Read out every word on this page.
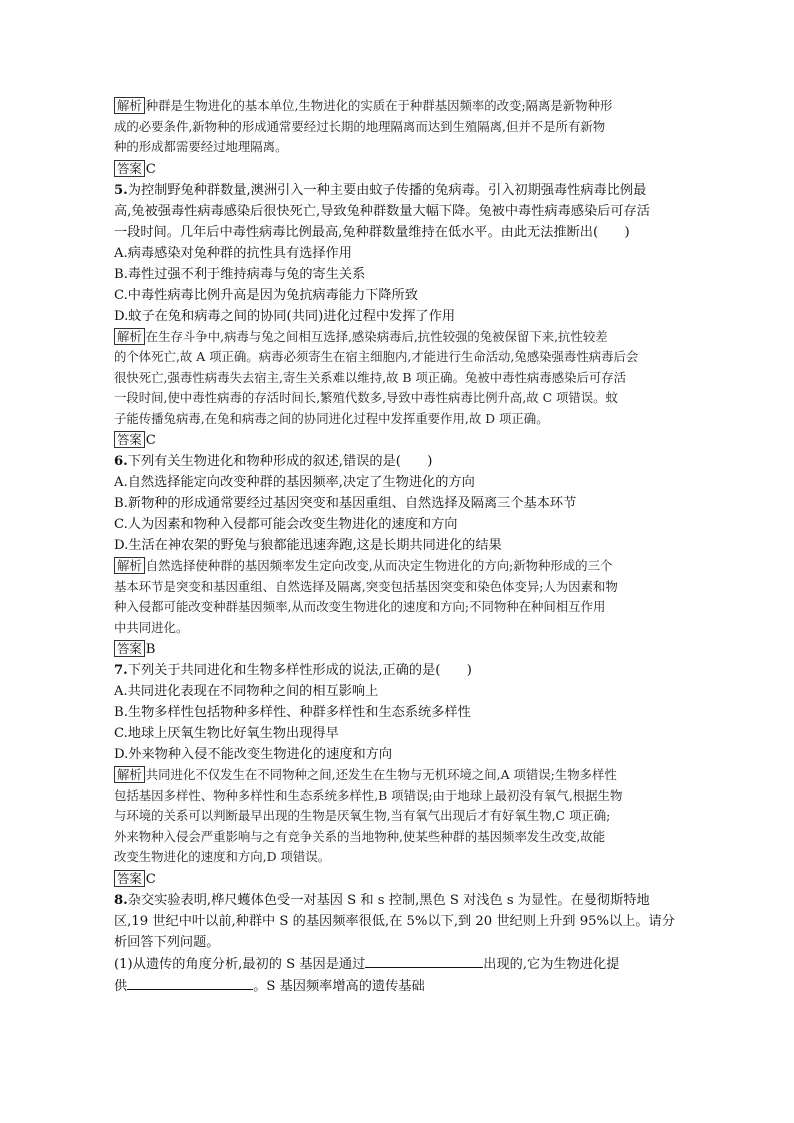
解析 种群是生物进化的基本单位,生物进化的实质在于种群基因频率的改变;隔离是新物种形
成的必要条件,新物种的形成通常要经过长期的地理隔离而达到生殖隔离,但并不是所有新物
种的形成都需要经过地理隔离。
答案 C
5.为控制野兔种群数量,澳洲引入一种主要由蚊子传播的兔病毒。引入初期强毒性病毒比例最
高,兔被强毒性病毒感染后很快死亡,导致兔种群数量大幅下降。兔被中毒性病毒感染后可存活
一段时间。几年后中毒性病毒比例最高,兔种群数量维持在低水平。由此无法推断出(　　)
A.病毒感染对兔种群的抗性具有选择作用
B.毒性过强不利于维持病毒与兔的寄生关系
C.中毒性病毒比例升高是因为兔抗病毒能力下降所致
D.蚊子在兔和病毒之间的协同(共同)进化过程中发挥了作用
解析 在生存斗争中,病毒与兔之间相互选择,感染病毒后,抗性较强的兔被保留下来,抗性较差
的个体死亡,故 A 项正确。病毒必须寄生在宿主细胞内,才能进行生命活动,兔感染强毒性病毒后会
很快死亡,强毒性病毒失去宿主,寄生关系难以维持,故 B 项正确。兔被中毒性病毒感染后可存活
一段时间,使中毒性病毒的存活时间长,繁殖代数多,导致中毒性病毒比例升高,故 C 项错误。蚊
子能传播兔病毒,在兔和病毒之间的协同进化过程中发挥重要作用,故 D 项正确。
答案 C
6.下列有关生物进化和物种形成的叙述,错误的是(　　)
A.自然选择能定向改变种群的基因频率,决定了生物进化的方向
B.新物种的形成通常要经过基因突变和基因重组、自然选择及隔离三个基本环节
C.人为因素和物种入侵都可能会改变生物进化的速度和方向
D.生活在神农架的野兔与狼都能迅速奔跑,这是长期共同进化的结果
解析 自然选择使种群的基因频率发生定向改变,从而决定生物进化的方向;新物种形成的三个
基本环节是突变和基因重组、自然选择及隔离,突变包括基因突变和染色体变异;人为因素和物
种入侵都可能改变种群基因频率,从而改变生物进化的速度和方向;不同物种在种间相互作用
中共同进化。
答案 B
7.下列关于共同进化和生物多样性形成的说法,正确的是(　　)
A.共同进化表现在不同物种之间的相互影响上
B.生物多样性包括物种多样性、种群多样性和生态系统多样性
C.地球上厌氧生物比好氧生物出现得早
D.外来物种入侵不能改变生物进化的速度和方向
解析 共同进化不仅发生在不同物种之间,还发生在生物与无机环境之间,A 项错误;生物多样性
包括基因多样性、物种多样性和生态系统多样性,B 项错误;由于地球上最初没有氧气,根据生物
与环境的关系可以判断最早出现的生物是厌氧生物,当有氧气出现后才有好氧生物,C 项正确;
外来物种入侵会严重影响与之有竞争关系的当地物种,使某些种群的基因频率发生改变,故能
改变生物进化的速度和方向,D 项错误。
答案 C
8.杂交实验表明,桦尺蠖体色受一对基因 S 和 s 控制,黑色 S 对浅色 s 为显性。在曼彻斯特地
区,19 世纪中叶以前,种群中 S 的基因频率很低,在 5%以下,到 20 世纪则上升到 95%以上。请分
析回答下列问题。
(1)从遗传的角度分析,最初的 S 基因是通过	出现的,它为生物进化提
供	。S 基因频率增高的遗传基础
